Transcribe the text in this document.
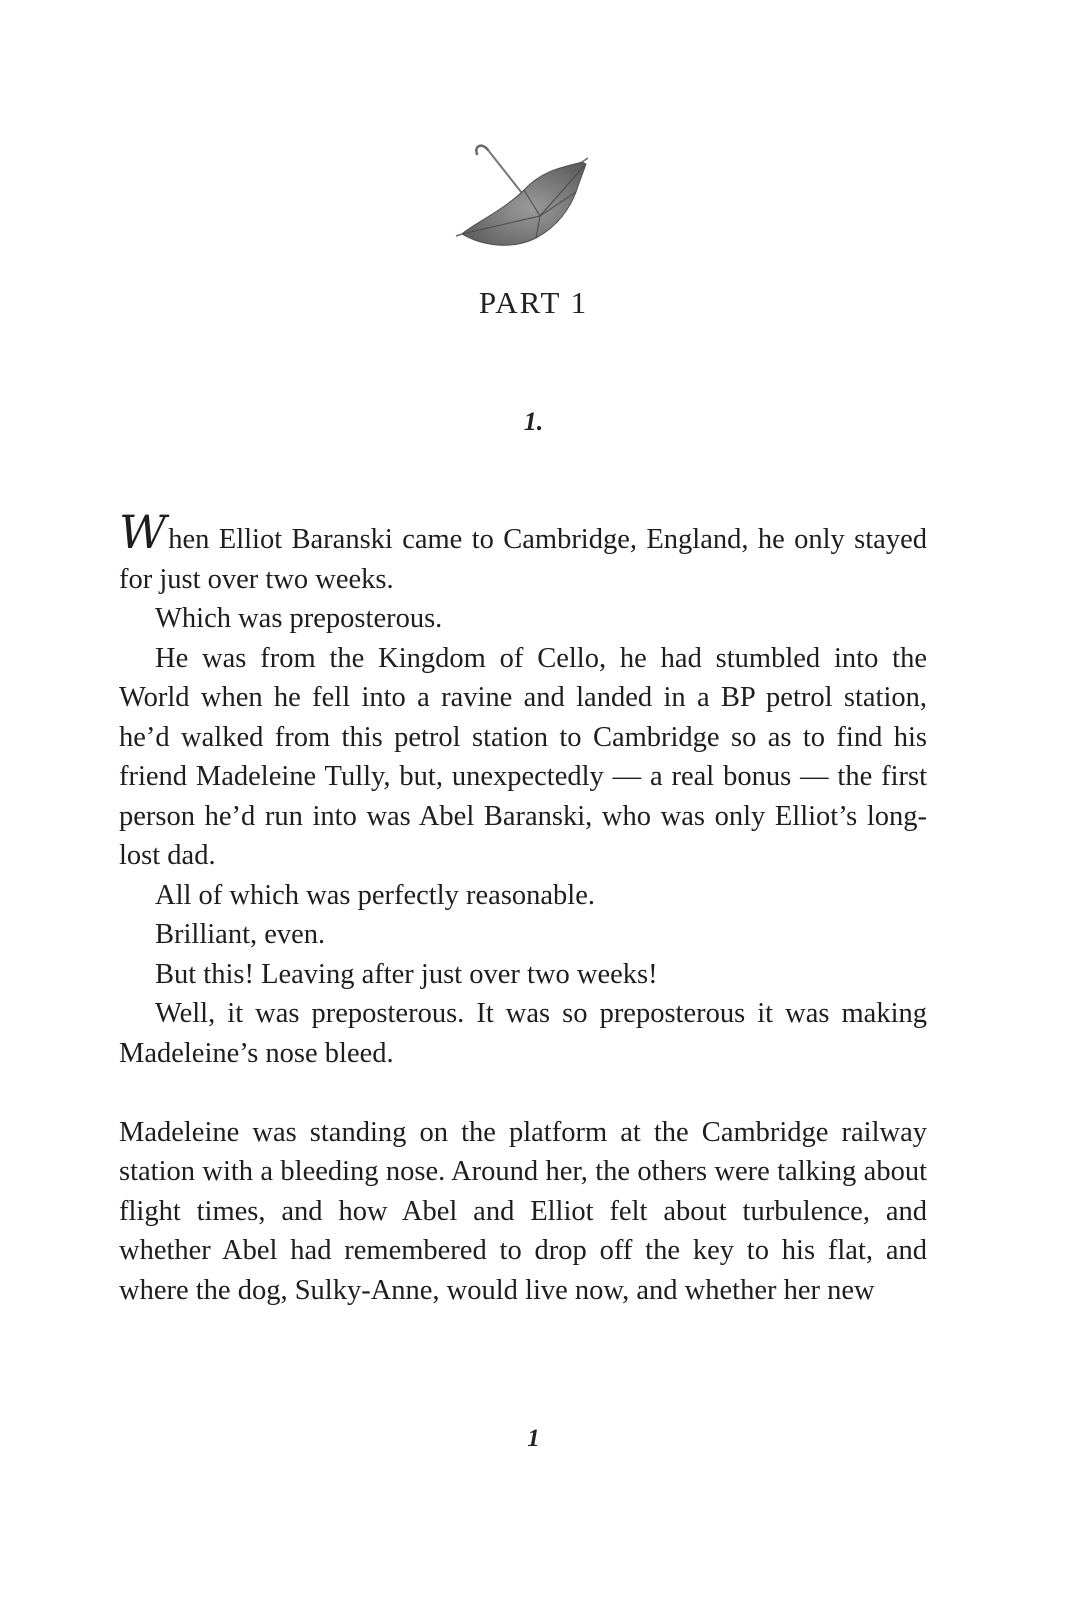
PART 1
1.

When Elliot Baranski came to Cambridge, England, he only stayed for just over two weeks.

Which was preposterous.

He was from the Kingdom of Cello, he had stumbled into the World when he fell into a ravine and landed in a BP petrol station, he’d walked from this petrol station to Cambridge so as to find his friend Madeleine Tully, but, unexpectedly — a real bonus — the first person he’d run into was Abel Baranski, who was only Elliot’s long-lost dad.

All of which was perfectly reasonable.

Brilliant, even.

But this! Leaving after just over two weeks!

Well, it was preposterous. It was so preposterous it was making Madeleine’s nose bleed.

Madeleine was standing on the platform at the Cambridge railway station with a bleeding nose. Around her, the others were talking about flight times, and how Abel and Elliot felt about turbulence, and whether Abel had remembered to drop off the key to his flat, and where the dog, Sulky-Anne, would live now, and whether her new

1
